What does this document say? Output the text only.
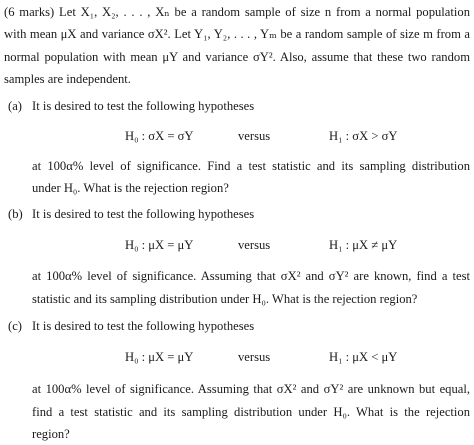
(6 marks) Let X₁, X₂, . . . , Xₙ be a random sample of size n from a normal population
with mean μX and variance σX². Let Y₁, Y₂, . . . , Yₘ be a random sample of size m from a
normal population with mean μY and variance σY². Also, assume that these two random
samples are independent.
(a) It is desired to test the following hypotheses
H₀ : σX = σY	versus	H₁ : σX > σY
at 100α% level of significance. Find a test statistic and its sampling distribution
under H₀. What is the rejection region?
(b) It is desired to test the following hypotheses
H₀ : μX = μY	versus	H₁ : μX ≠ μY
at 100α% level of significance. Assuming that σX² and σY² are known, find a test
statistic and its sampling distribution under H₀. What is the rejection region?
(c) It is desired to test the following hypotheses
H₀ : μX = μY	versus	H₁ : μX < μY
at 100α% level of significance. Assuming that σX² and σY² are unknown but equal,
find a test statistic and its sampling distribution under H₀. What is the rejection
region?
